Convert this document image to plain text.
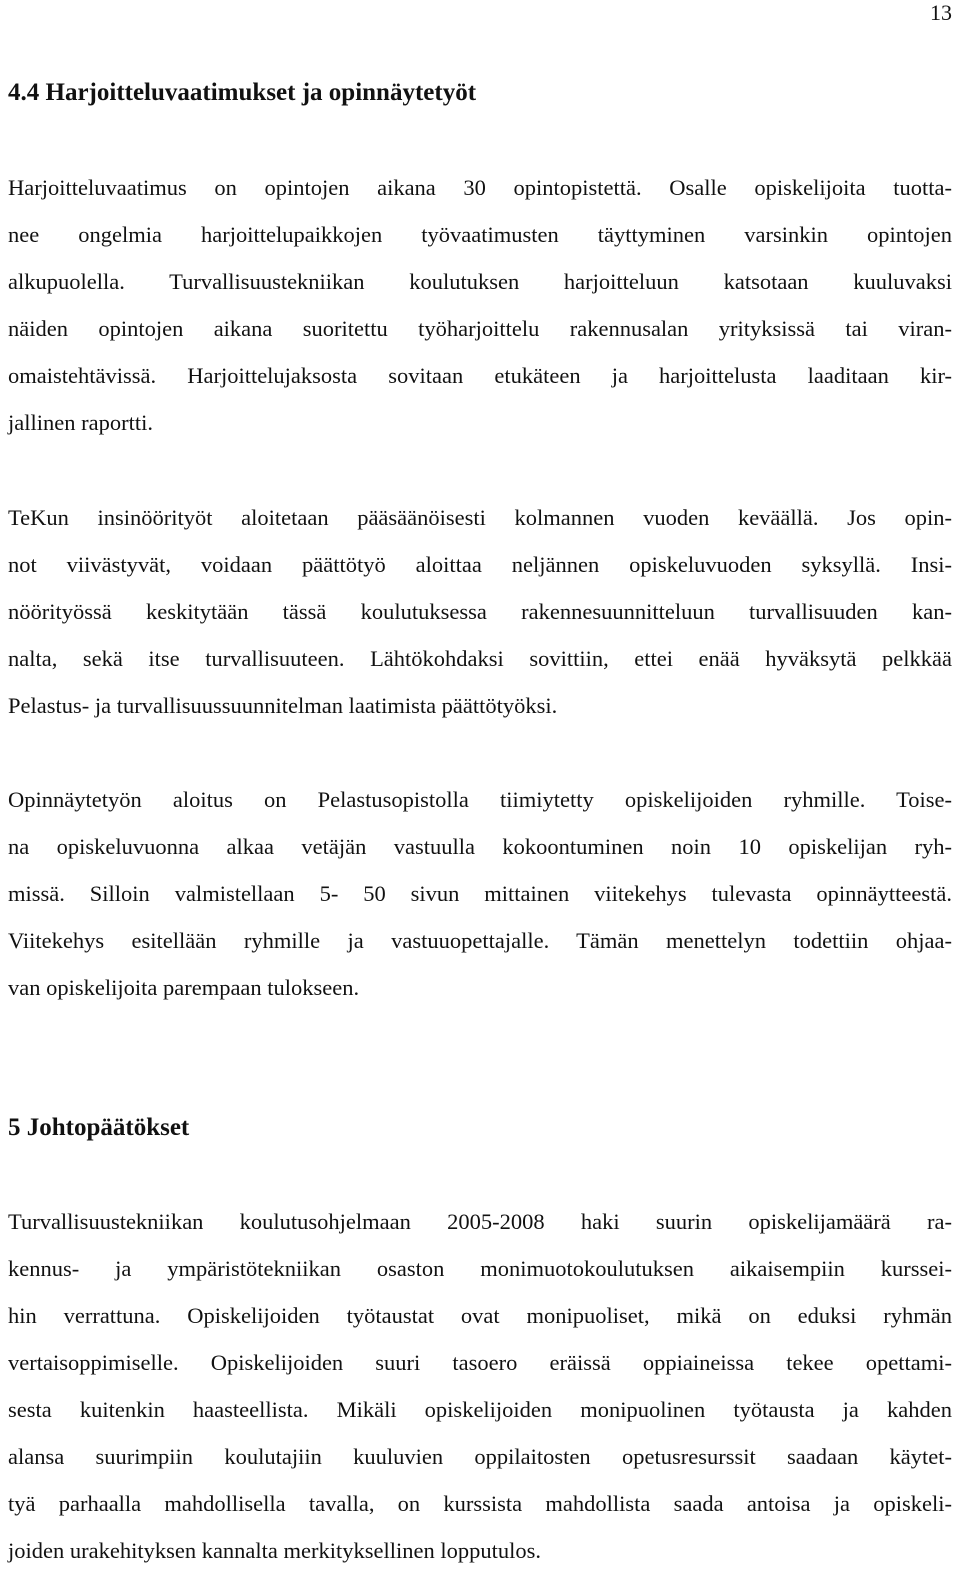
13
4.4 Harjoitteluvaatimukset ja opinnäytetyöt
Harjoitteluvaatimus on opintojen aikana 30 opintopistettä. Osalle opiskelijoita tuotta-
nee ongelmia harjoittelupaikkojen työvaatimusten täyttyminen varsinkin opintojen
alkupuolella. Turvallisuustekniikan koulutuksen harjoitteluun katsotaan kuuluvaksi
näiden opintojen aikana suoritettu työharjoittelu rakennusalan yrityksissä tai viran-
omaistehtävissä. Harjoittelujaksosta sovitaan etukäteen ja harjoittelusta laaditaan kir-
jallinen raportti.
TeKun insinöörityöt aloitetaan pääsäänöisesti kolmannen vuoden keväällä. Jos opin-
not viivästyvät, voidaan päättötyö aloittaa neljännen opiskeluvuoden syksyllä. Insi-
nöörityössä keskitytään tässä koulutuksessa rakennesuunnitteluun turvallisuuden kan-
nalta, sekä itse turvallisuuteen. Lähtökohdaksi sovittiin, ettei enää hyväksytä pelkkää
Pelastus- ja turvallisuussuunnitelman laatimista päättötyöksi.
Opinnäytetyön aloitus on Pelastusopistolla tiimiytetty opiskelijoiden ryhmille. Toise-
na opiskeluvuonna alkaa vetäjän vastuulla kokoontuminen noin 10 opiskelijan ryh-
missä. Silloin valmistellaan 5- 50 sivun mittainen viitekehys tulevasta opinnäytteestä.
Viitekehys esitellään ryhmille ja vastuuopettajalle. Tämän menettelyn todettiin ohjaa-
van opiskelijoita parempaan tulokseen.
5 Johtopäätökset
Turvallisuustekniikan koulutusohjelmaan 2005-2008 haki suurin opiskelijamäärä ra-
kennus- ja ympäristötekniikan osaston monimuotokoulutuksen aikaisempiin kurssei-
hin verrattuna. Opiskelijoiden työtaustat ovat monipuoliset, mikä on eduksi ryhmän
vertaisoppimiselle. Opiskelijoiden suuri tasoero eräissä oppiaineissa tekee opettami-
sesta kuitenkin haasteellista. Mikäli opiskelijoiden monipuolinen työtausta ja kahden
alansa suurimpiin koulutajiin kuuluvien oppilaitosten opetusresurssit saadaan käytet-
tyä parhaalla mahdollisella tavalla, on kurssista mahdollista saada antoisa ja opiskeli-
joiden urakehityksen kannalta merkityksellinen lopputulos.
